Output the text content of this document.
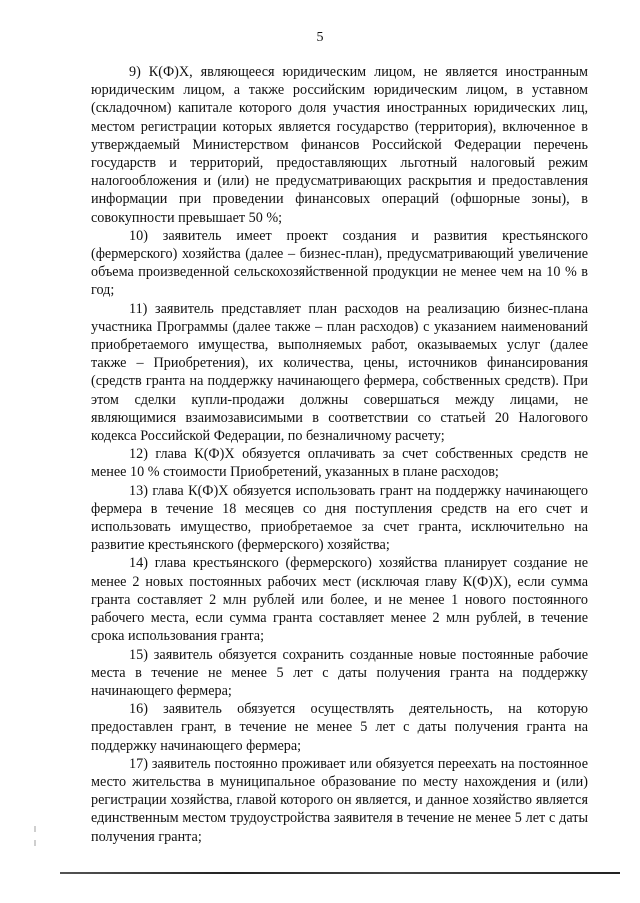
5

9) К(Ф)Х, являющееся юридическим лицом, не является иностранным юридическим лицом, а также российским юридическим лицом, в уставном (складочном) капитале которого доля участия иностранных юридических лиц, местом регистрации которых является государство (территория), включенное в утверждаемый Министерством финансов Российской Федерации перечень государств и территорий, предоставляющих льготный налоговый режим налогообложения и (или) не предусматривающих раскрытия и предоставления информации при проведении финансовых операций (офшорные зоны), в совокупности превышает 50 %;

10) заявитель имеет проект создания и развития крестьянского (фермерского) хозяйства (далее – бизнес-план), предусматривающий увеличение объема произведенной сельскохозяйственной продукции не менее чем на 10 % в год;

11) заявитель представляет план расходов на реализацию бизнес-плана участника Программы (далее также – план расходов) с указанием наименований приобретаемого имущества, выполняемых работ, оказываемых услуг (далее также – Приобретения), их количества, цены, источников финансирования (средств гранта на поддержку начинающего фермера, собственных средств). При этом сделки купли-продажи должны совершаться между лицами, не являющимися взаимозависимыми в соответствии со статьей 20 Налогового кодекса Российской Федерации, по безналичному расчету;

12) глава К(Ф)Х обязуется оплачивать за счет собственных средств не менее 10 % стоимости Приобретений, указанных в плане расходов;

13) глава К(Ф)Х обязуется использовать грант на поддержку начинающего фермера в течение 18 месяцев со дня поступления средств на его счет и использовать имущество, приобретаемое за счет гранта, исключительно на развитие крестьянского (фермерского) хозяйства;

14) глава крестьянского (фермерского) хозяйства планирует создание не менее 2 новых постоянных рабочих мест (исключая главу К(Ф)Х), если сумма гранта составляет 2 млн рублей или более, и не менее 1 нового постоянного рабочего места, если сумма гранта составляет менее 2 млн рублей, в течение срока использования гранта;

15) заявитель обязуется сохранить созданные новые постоянные рабочие места в течение не менее 5 лет с даты получения гранта на поддержку начинающего фермера;

16) заявитель обязуется осуществлять деятельность, на которую предоставлен грант, в течение не менее 5 лет с даты получения гранта на поддержку начинающего фермера;

17) заявитель постоянно проживает или обязуется переехать на постоянное место жительства в муниципальное образование по месту нахождения и (или) регистрации хозяйства, главой которого он является, и данное хозяйство является единственным местом трудоустройства заявителя в течение не менее 5 лет с даты получения гранта;
